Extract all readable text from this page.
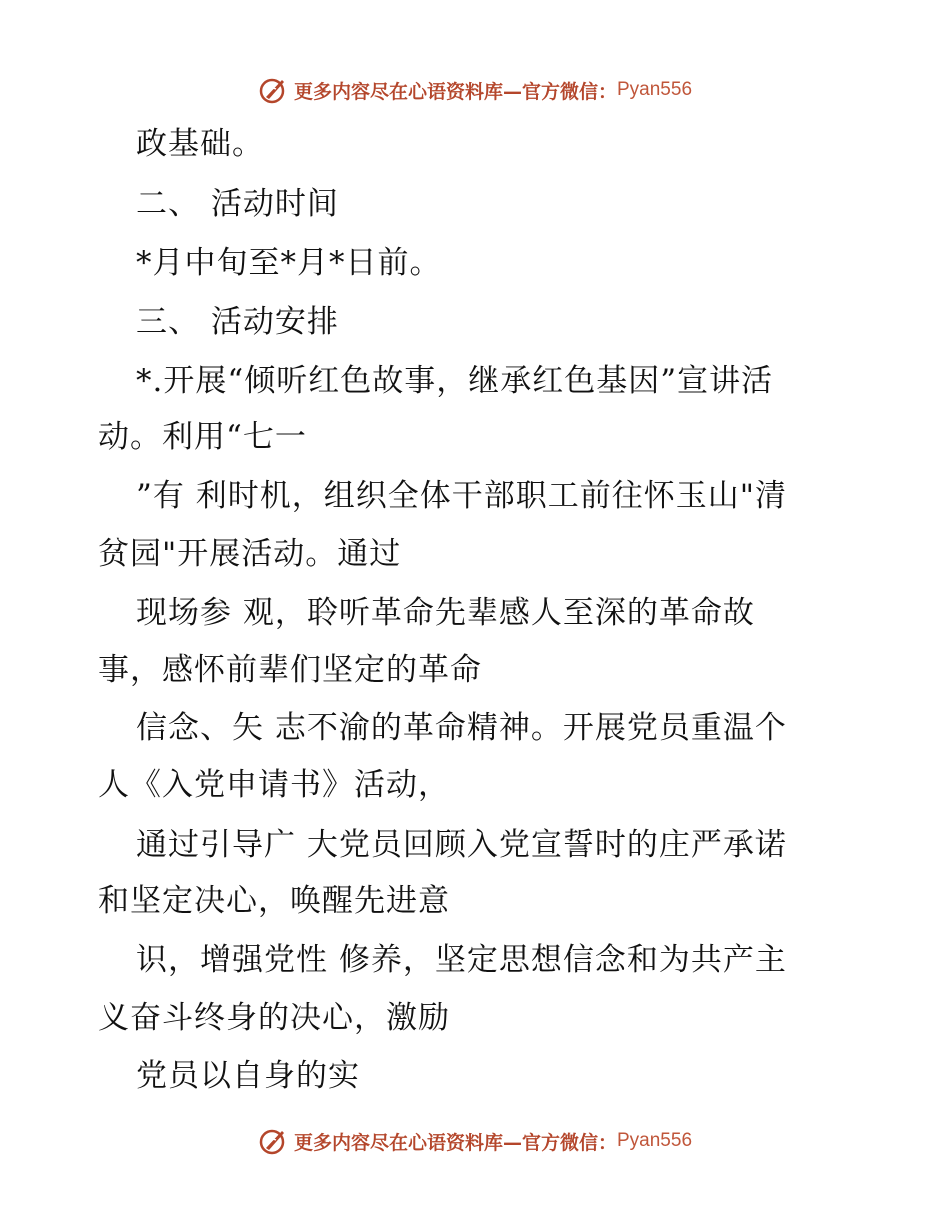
更多内容尽在心语资料库—官方微信： Pyan556
政基础。
二、 活动时间
*月中旬至*月*日前。
三、 活动安排
*.开展“倾听红色故事，继承红色基因”宣讲活
动。利用“七一
”有 利时机，组织全体干部职工前往怀玉山"清
贫园"开展活动。通过
现场参 观，聆听革命先辈感人至深的革命故
事，感怀前辈们坚定的革命
信念、矢 志不渝的革命精神。开展党员重温个
人《入党申请书》活动，
通过引导广 大党员回顾入党宣誓时的庄严承诺
和坚定决心，唤醒先进意
识，增强党性 修养，坚定思想信念和为共产主
义奋斗终身的决心，激励
党员以自身的实
更多内容尽在心语资料库—官方微信： Pyan556
